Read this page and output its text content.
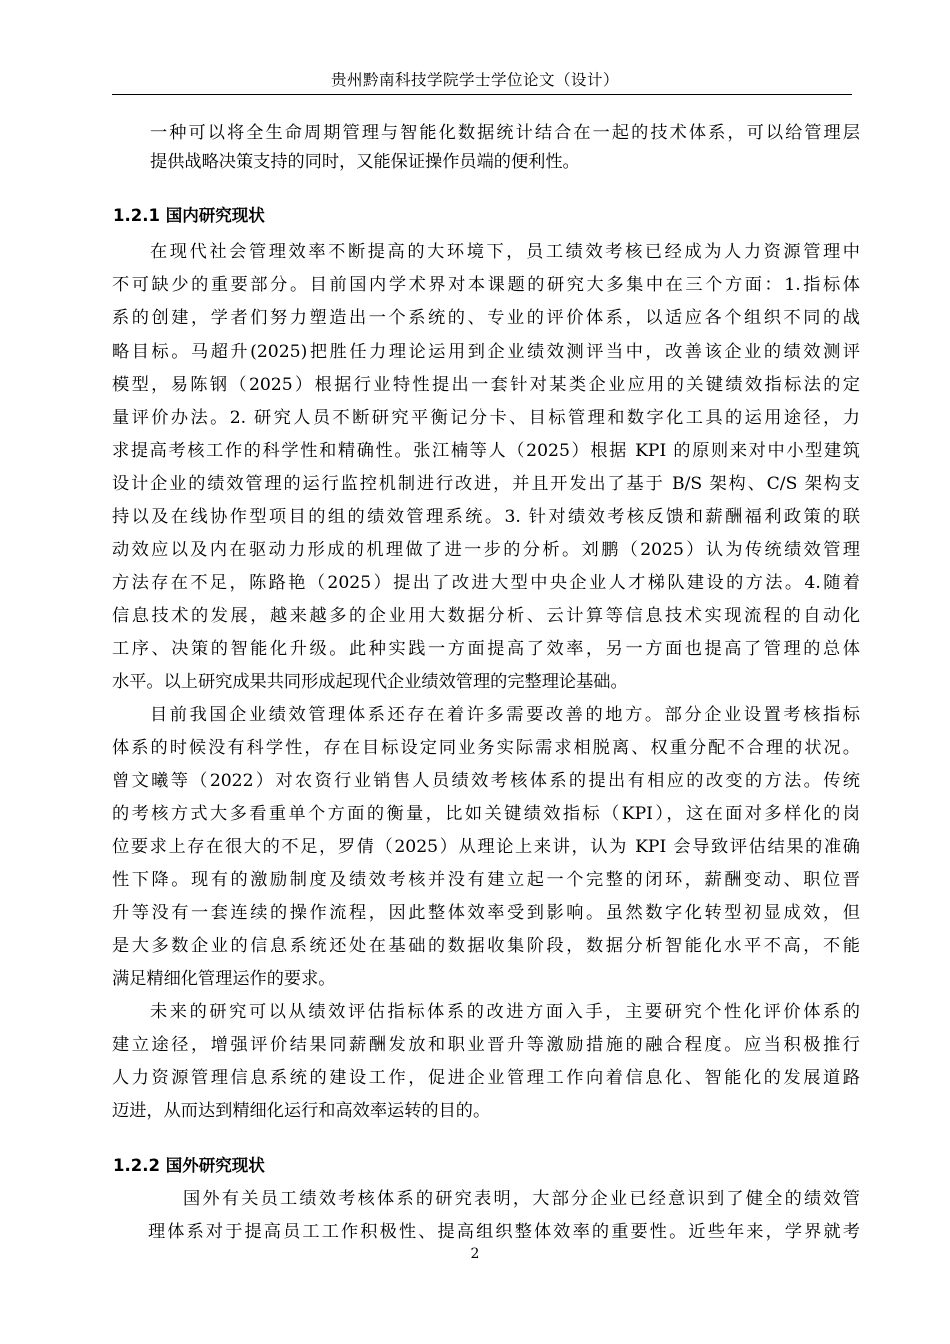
贵州黔南科技学院学士学位论文（设计）
一种可以将全生命周期管理与智能化数据统计结合在一起的技术体系，可以给管理层
提供战略决策支持的同时，又能保证操作员端的便利性。
1.2.1 国内研究现状
在现代社会管理效率不断提高的大环境下，员工绩效考核已经成为人力资源管理中
不可缺少的重要部分。目前国内学术界对本课题的研究大多集中在三个方面：1.指标体
系的创建，学者们努力塑造出一个系统的、专业的评价体系，以适应各个组织不同的战
略目标。马超升(2025)把胜任力理论运用到企业绩效测评当中，改善该企业的绩效测评
模型，易陈钢（2025）根据行业特性提出一套针对某类企业应用的关键绩效指标法的定
量评价办法。2. 研究人员不断研究平衡记分卡、目标管理和数字化工具的运用途径，力
求提高考核工作的科学性和精确性。张江楠等人（2025）根据 KPI 的原则来对中小型建筑
设计企业的绩效管理的运行监控机制进行改进，并且开发出了基于 B/S 架构、C/S 架构支
持以及在线协作型项目的组的绩效管理系统。3. 针对绩效考核反馈和薪酬福利政策的联
动效应以及内在驱动力形成的机理做了进一步的分析。刘鹏（2025）认为传统绩效管理
方法存在不足，陈路艳（2025）提出了改进大型中央企业人才梯队建设的方法。4.随着
信息技术的发展，越来越多的企业用大数据分析、云计算等信息技术实现流程的自动化
工序、决策的智能化升级。此种实践一方面提高了效率，另一方面也提高了管理的总体
水平。以上研究成果共同形成起现代企业绩效管理的完整理论基础。
目前我国企业绩效管理体系还存在着许多需要改善的地方。部分企业设置考核指标
体系的时候没有科学性，存在目标设定同业务实际需求相脱离、权重分配不合理的状况。
曾文曦等（2022）对农资行业销售人员绩效考核体系的提出有相应的改变的方法。传统
的考核方式大多看重单个方面的衡量，比如关键绩效指标（KPI），这在面对多样化的岗
位要求上存在很大的不足，罗倩（2025）从理论上来讲，认为 KPI 会导致评估结果的准确
性下降。现有的激励制度及绩效考核并没有建立起一个完整的闭环，薪酬变动、职位晋
升等没有一套连续的操作流程，因此整体效率受到影响。虽然数字化转型初显成效，但
是大多数企业的信息系统还处在基础的数据收集阶段，数据分析智能化水平不高，不能
满足精细化管理运作的要求。
未来的研究可以从绩效评估指标体系的改进方面入手，主要研究个性化评价体系的
建立途径，增强评价结果同薪酬发放和职业晋升等激励措施的融合程度。应当积极推行
人力资源管理信息系统的建设工作，促进企业管理工作向着信息化、智能化的发展道路
迈进，从而达到精细化运行和高效率运转的目的。
1.2.2 国外研究现状
国外有关员工绩效考核体系的研究表明，大部分企业已经意识到了健全的绩效管
理体系对于提高员工工作积极性、提高组织整体效率的重要性。近些年来，学界就考
2
